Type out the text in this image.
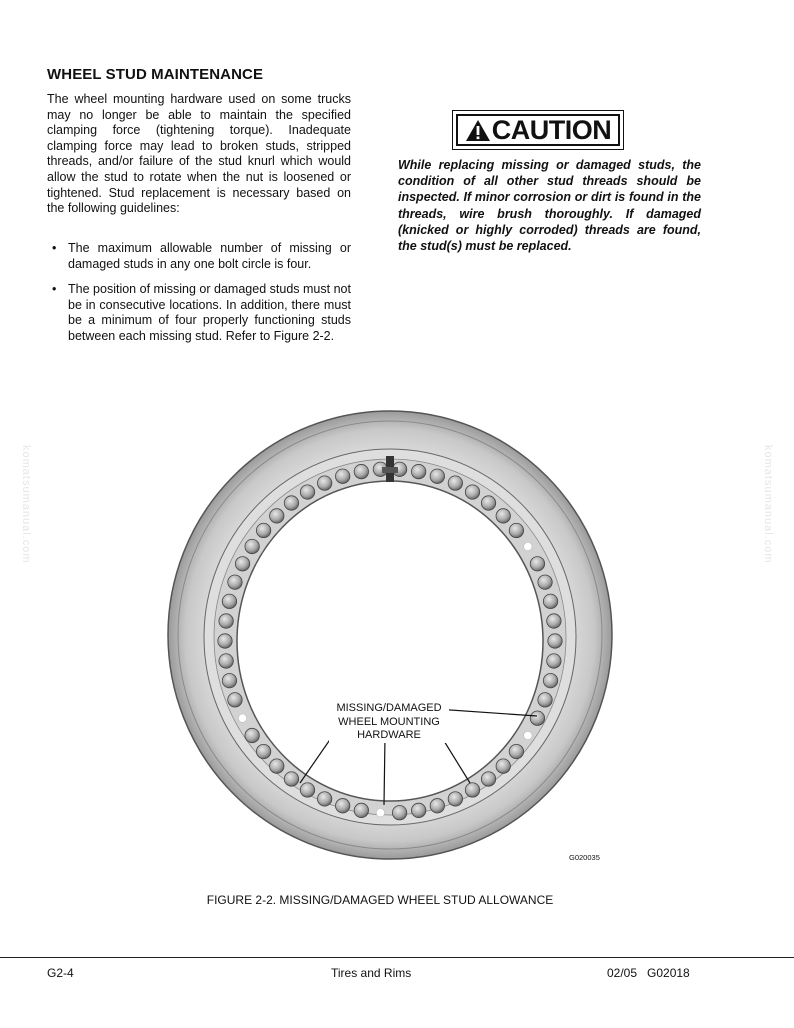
WHEEL STUD MAINTENANCE
The wheel mounting hardware used on some trucks may no longer be able to maintain the specified clamping force (tightening torque). Inadequate clamping force may lead to broken studs, stripped threads, and/or failure of the stud knurl which would allow the stud to rotate when the nut is loosened or tightened. Stud replacement is necessary based on the following guidelines:
• The maximum allowable number of missing or damaged studs in any one bolt circle is four.
• The position of missing or damaged studs must not be in consecutive locations. In addition, there must be a minimum of four properly functioning studs between each missing stud. Refer to Figure 2-2.
CAUTION
While replacing missing or damaged studs, the condition of all other stud threads should be inspected. If minor corrosion or dirt is found in the threads, wire brush thoroughly. If damaged (knicked or highly corroded) threads are found, the stud(s) must be replaced.
komatsumanual.com	komatsumanual.com
MISSING/DAMAGED
WHEEL MOUNTING
HARDWARE
G020035
FIGURE 2-2. MISSING/DAMAGED WHEEL STUD ALLOWANCE
G2-4	Tires and Rims	02/05   G02018
